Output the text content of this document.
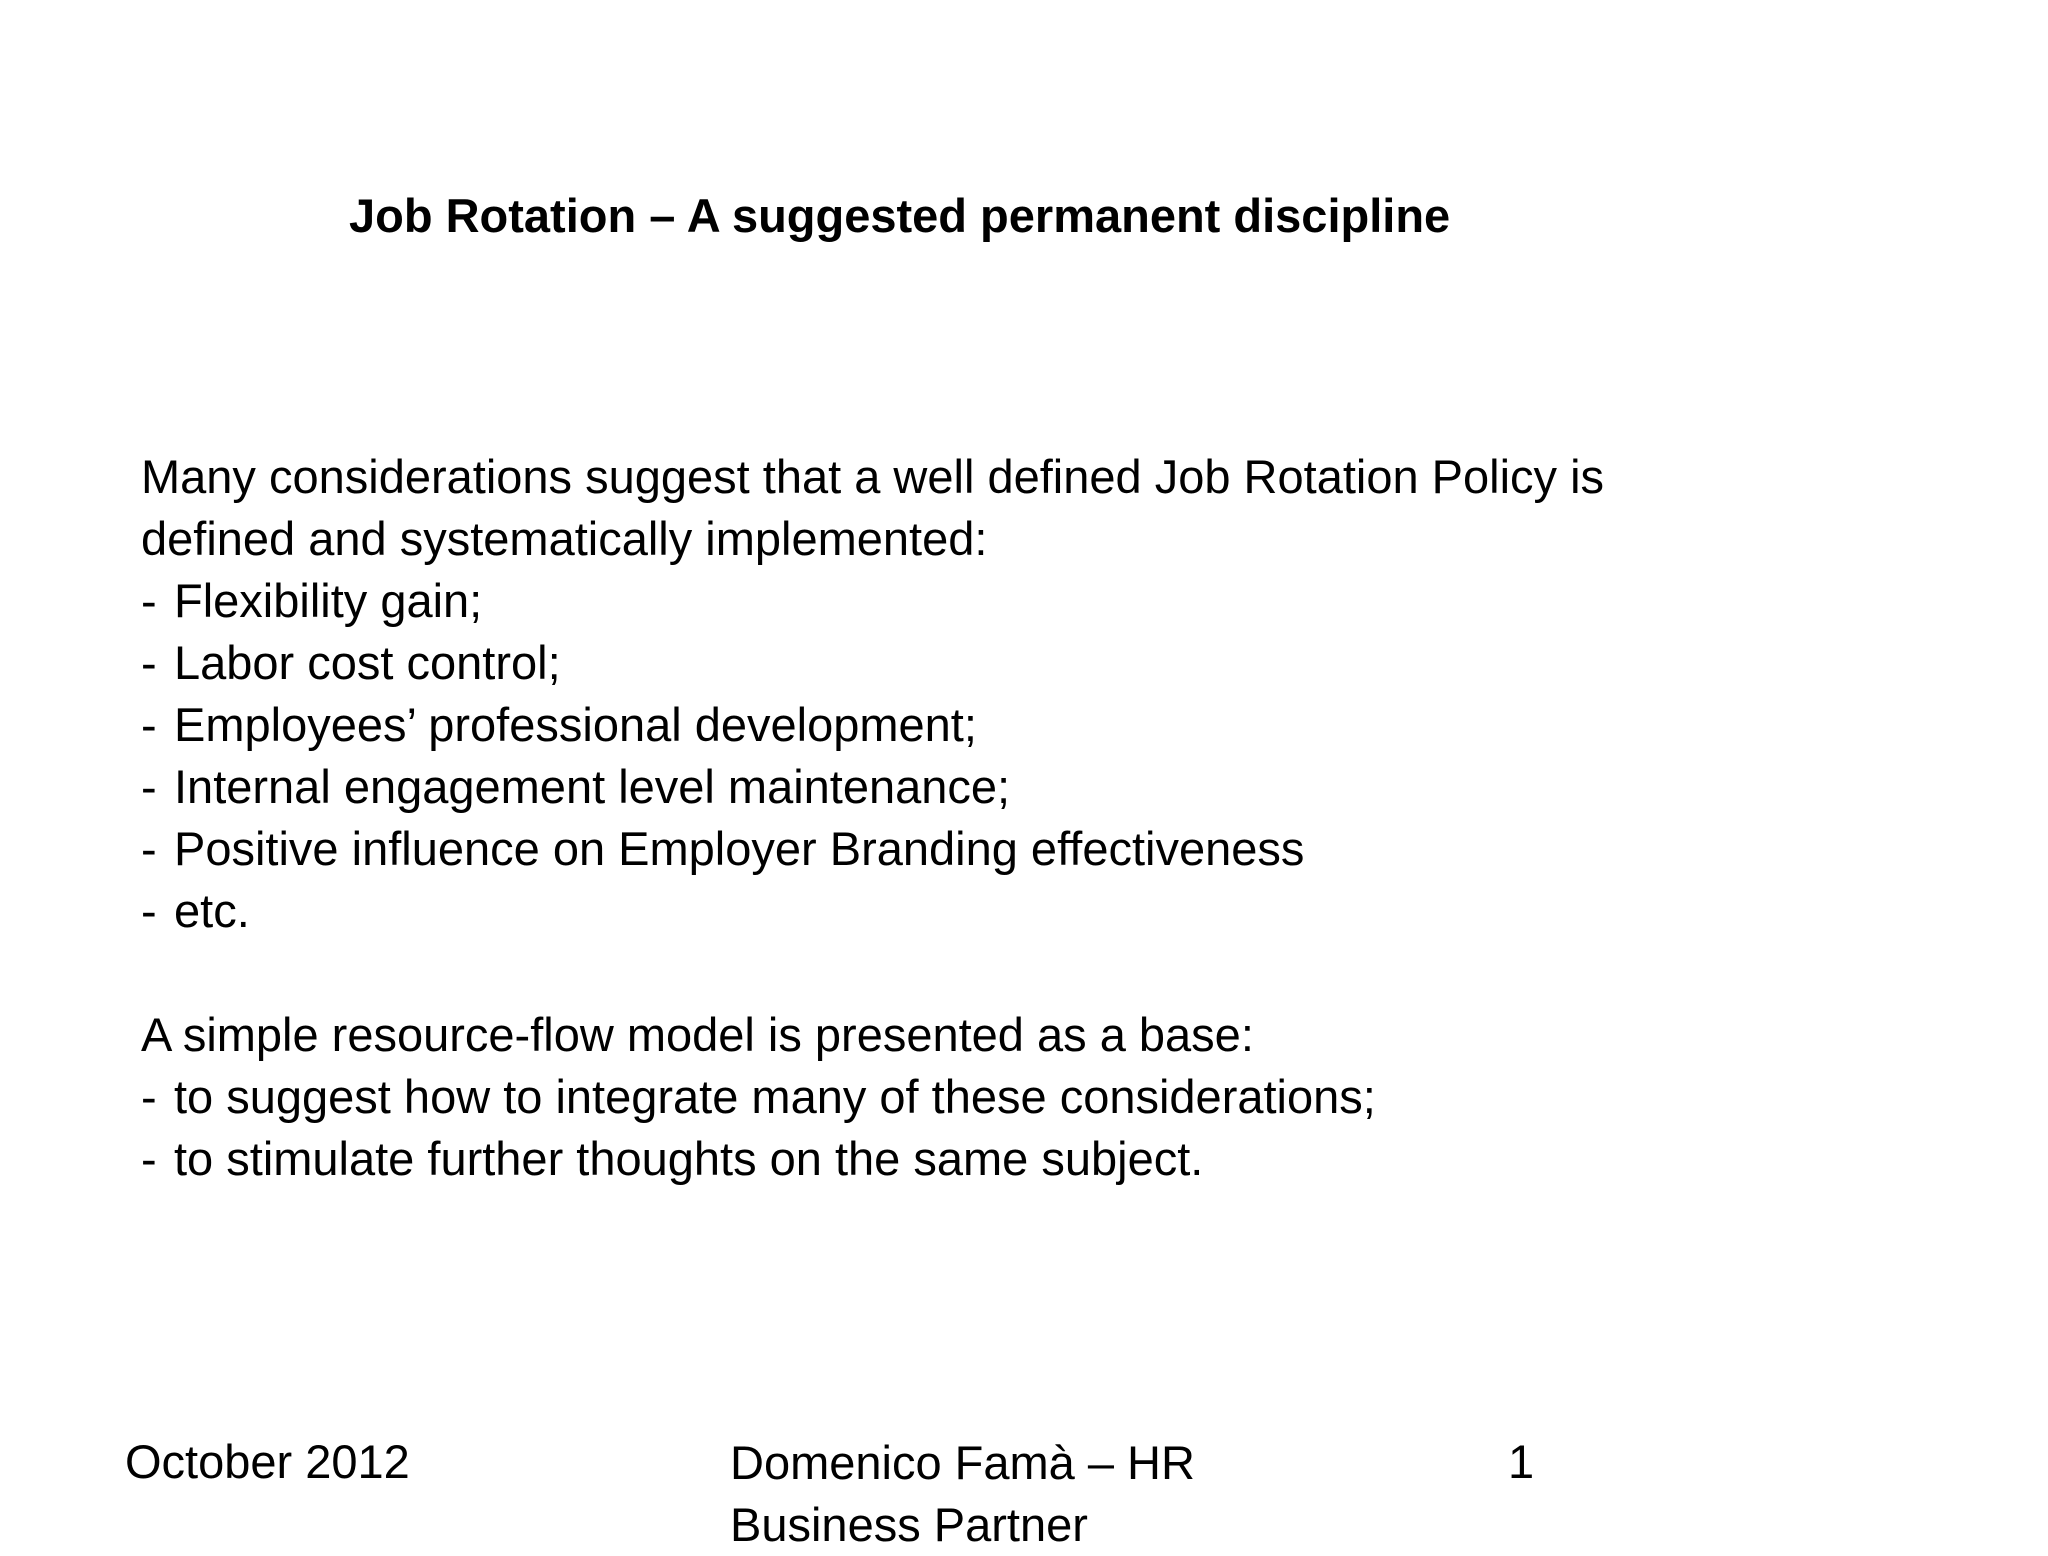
Job Rotation – A suggested permanent discipline
Many considerations suggest that a well defined Job Rotation Policy is
defined and systematically implemented:
- Flexibility gain;
- Labor cost control;
- Employees’ professional development;
- Internal engagement level maintenance;
- Positive influence on Employer Branding effectiveness
- etc.
A simple resource-flow model is presented as a base:
- to suggest how to integrate many of these considerations;
- to stimulate further thoughts on the same subject.
October 2012	Domenico Famà – HR Business Partner
1
